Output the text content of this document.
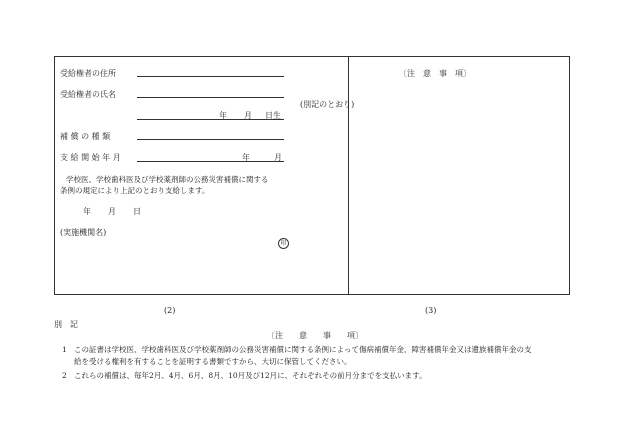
受給権者の住所
受給権者の氏名
年 月 日生
補 償 の 種 類
支 給 開 始 年 月	年	月
学校医、学校歯科医及び学校薬剤師の公務災害補償に関する
条例の規定により上記のとおり支給します。
年 月 日
(実施機関名)
印
〔注　意　事　項〕
(別記のとおり)
(2)	(3)
別　記
〔注　　意　　事　　項〕
1 この証書は学校医、学校歯科医及び学校薬剤師の公務災害補償に関する条例によって傷病補償年金、障害補償年金又は遺族補償年金の支
給を受ける権利を有することを証明する書類ですから、大切に保管してください。
2 これらの補償は、毎年2月、4月、6月、8月、10月及び12月に、それぞれその前月分までを支払います。
